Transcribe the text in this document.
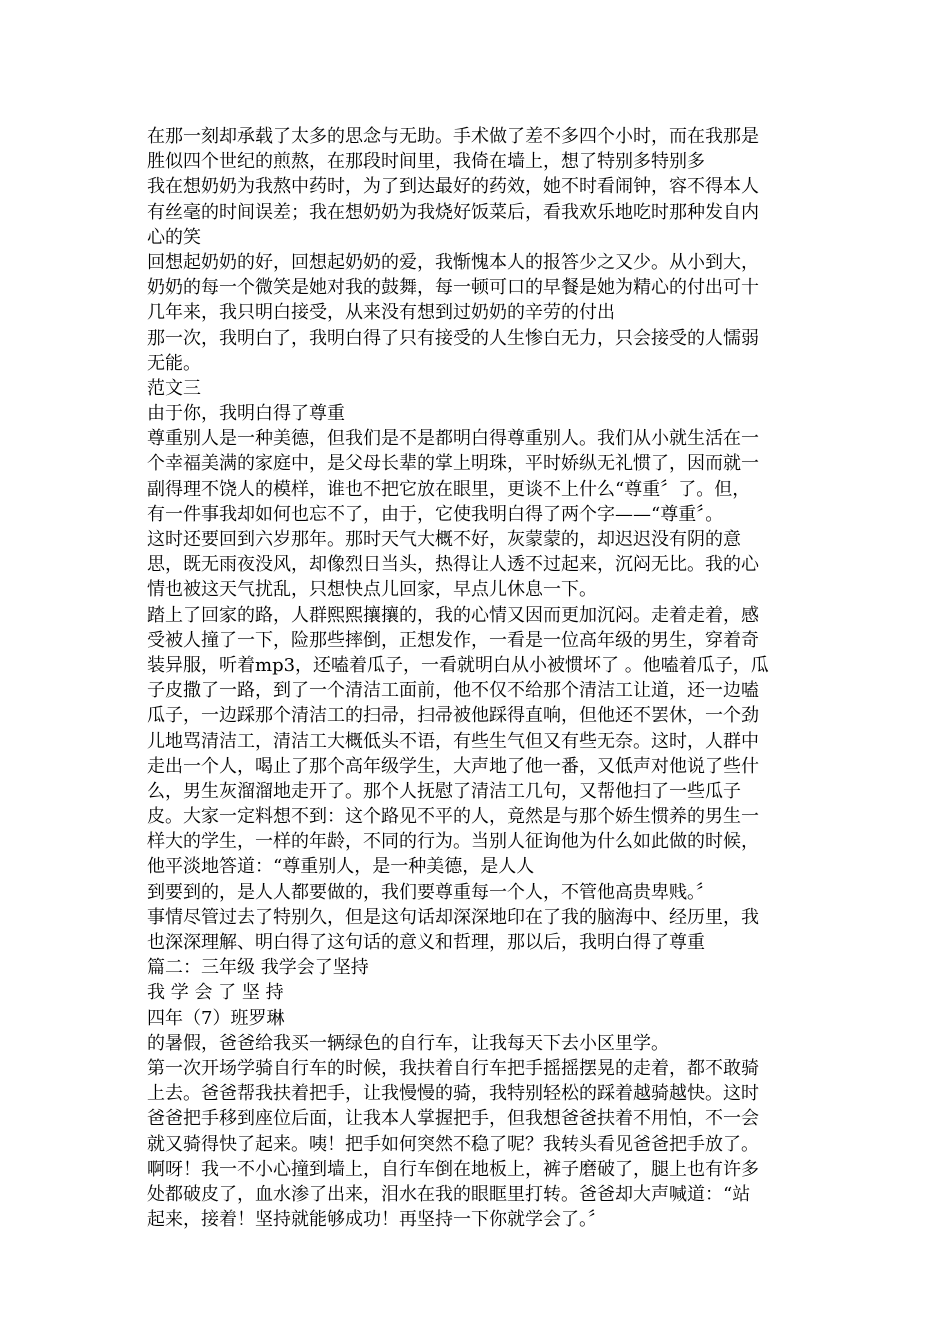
在那一刻却承载了太多的思念与无助。手术做了差不多四个小时，而在我那是
胜似四个世纪的煎熬，在那段时间里，我倚在墙上，想了特别多特别多
我在想奶奶为我熬中药时，为了到达最好的药效，她不时看闹钟，容不得本人
有丝毫的时间误差；我在想奶奶为我烧好饭菜后，看我欢乐地吃时那种发自内
心的笑
回想起奶奶的好，回想起奶奶的爱，我惭愧本人的报答少之又少。从小到大，
奶奶的每一个微笑是她对我的鼓舞，每一顿可口的早餐是她为精心的付出可十
几年来，我只明白接受，从来没有想到过奶奶的辛劳的付出
那一次，我明白了，我明白得了只有接受的人生惨白无力，只会接受的人懦弱
无能。
范文三
由于你，我明白得了尊重
尊重别人是一种美德，但我们是不是都明白得尊重别人。我们从小就生活在一
个幸福美满的家庭中，是父母长辈的掌上明珠，平时娇纵无礼惯了，因而就一
副得理不饶人的模样，谁也不把它放在眼里，更谈不上什么“尊重〞了。但，
有一件事我却如何也忘不了，由于，它使我明白得了两个字——“尊重〞。
这时还要回到六岁那年。那时天气大概不好，灰蒙蒙的，却迟迟没有阴的意
思，既无雨夜没风，却像烈日当头，热得让人透不过起来，沉闷无比。我的心
情也被这天气扰乱，只想快点儿回家，早点儿休息一下。
踏上了回家的路，人群熙熙攘攘的，我的心情又因而更加沉闷。走着走着，感
受被人撞了一下，险那些摔倒，正想发作，一看是一位高年级的男生，穿着奇
装异服，听着mp3，还嗑着瓜子，一看就明白从小被惯坏了 。他嗑着瓜子，瓜
子皮撒了一路，到了一个清洁工面前，他不仅不给那个清洁工让道，还一边嗑
瓜子，一边踩那个清洁工的扫帚，扫帚被他踩得直响，但他还不罢休，一个劲
儿地骂清洁工，清洁工大概低头不语，有些生气但又有些无奈。这时，人群中
走出一个人，喝止了那个高年级学生，大声地了他一番，又低声对他说了些什
么，男生灰溜溜地走开了。那个人抚慰了清洁工几句，又帮他扫了一些瓜子
皮。大家一定料想不到：这个路见不平的人，竟然是与那个娇生惯养的男生一
样大的学生，一样的年龄，不同的行为。当别人征询他为什么如此做的时候，
他平淡地答道：“尊重别人，是一种美德，是人人
到要到的，是人人都要做的，我们要尊重每一个人，不管他高贵卑贱。〞
事情尽管过去了特别久，但是这句话却深深地印在了我的脑海中、经历里，我
也深深理解、明白得了这句话的意义和哲理，那以后，我明白得了尊重
篇二：三年级 我学会了坚持
我 学 会 了 坚 持
四年（7）班罗琳
的暑假，爸爸给我买一辆绿色的自行车，让我每天下去小区里学。
第一次开场学骑自行车的时候，我扶着自行车把手摇摇摆晃的走着，都不敢骑
上去。爸爸帮我扶着把手，让我慢慢的骑，我特别轻松的踩着越骑越快。这时
爸爸把手移到座位后面，让我本人掌握把手，但我想爸爸扶着不用怕，不一会
就又骑得快了起来。咦！把手如何突然不稳了呢？我转头看见爸爸把手放了。
啊呀！我一不小心撞到墙上，自行车倒在地板上，裤子磨破了，腿上也有许多
处都破皮了，血水渗了出来，泪水在我的眼眶里打转。爸爸却大声喊道：“站
起来，接着！坚持就能够成功！再坚持一下你就学会了。〞
